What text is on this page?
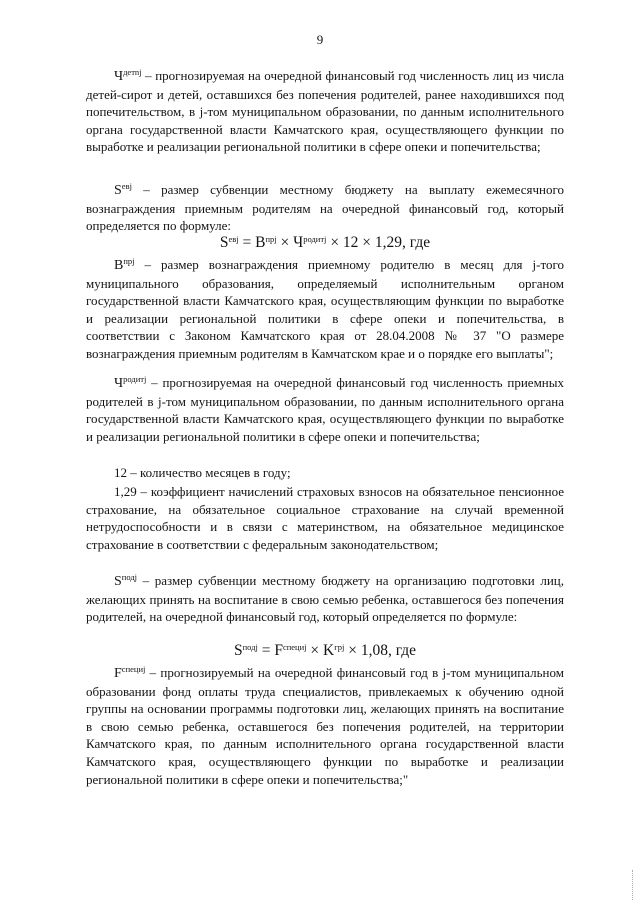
9
$Ч^{детnj}$ – прогнозируемая на очередной финансовый год численность лиц из числа детей-сирот и детей, оставшихся без попечения родителей, ранее находившихся под попечительством, в j-том муниципальном образовании, по данным исполнительного органа государственной власти Камчатского края, осуществляющего функции по выработке и реализации региональной политики в сфере опеки и попечительства;
$S^{евj}$ – размер субвенции местному бюджету на выплату ежемесячного вознаграждения приемным родителям на очередной финансовый год, который определяется по формуле:
$S^{евj} = B^{прj} \times Ч^{родитj} \times 12 \times 1,29$, где
$B^{прj}$ – размер вознаграждения приемному родителю в месяц для j-того муниципального образования, определяемый исполнительным органом государственной власти Камчатского края, осуществляющим функции по выработке и реализации региональной политики в сфере опеки и попечительства, в соответствии с Законом Камчатского края от 28.04.2008 № 37 "О размере вознаграждения приемным родителям в Камчатском крае и о порядке его выплаты";
$Ч^{родитj}$ – прогнозируемая на очередной финансовый год численность приемных родителей в j-том муниципальном образовании, по данным исполнительного органа государственной власти Камчатского края, осуществляющего функции по выработке и реализации региональной политики в сфере опеки и попечительства;
12 – количество месяцев в году;
1,29 – коэффициент начислений страховых взносов на обязательное пенсионное страхование, на обязательное социальное страхование на случай временной нетрудоспособности и в связи с материнством, на обязательное медицинское страхование в соответствии с федеральным законодательством;
$S^{подj}$ – размер субвенции местному бюджету на организацию подготовки лиц, желающих принять на воспитание в свою семью ребенка, оставшегося без попечения родителей, на очередной финансовый год, который определяется по формуле:
$S^{подj} = F^{специj} \times K^{грj} \times 1,08$, где
$F^{специj}$ – прогнозируемый на очередной финансовый год в j-том муниципальном образовании фонд оплаты труда специалистов, привлекаемых к обучению одной группы на основании программы подготовки лиц, желающих принять на воспитание в свою семью ребенка, оставшегося без попечения родителей, на территории Камчатского края, по данным исполнительного органа государственной власти Камчатского края, осуществляющего функции по выработке и реализации региональной политики в сфере опеки и попечительства;"
